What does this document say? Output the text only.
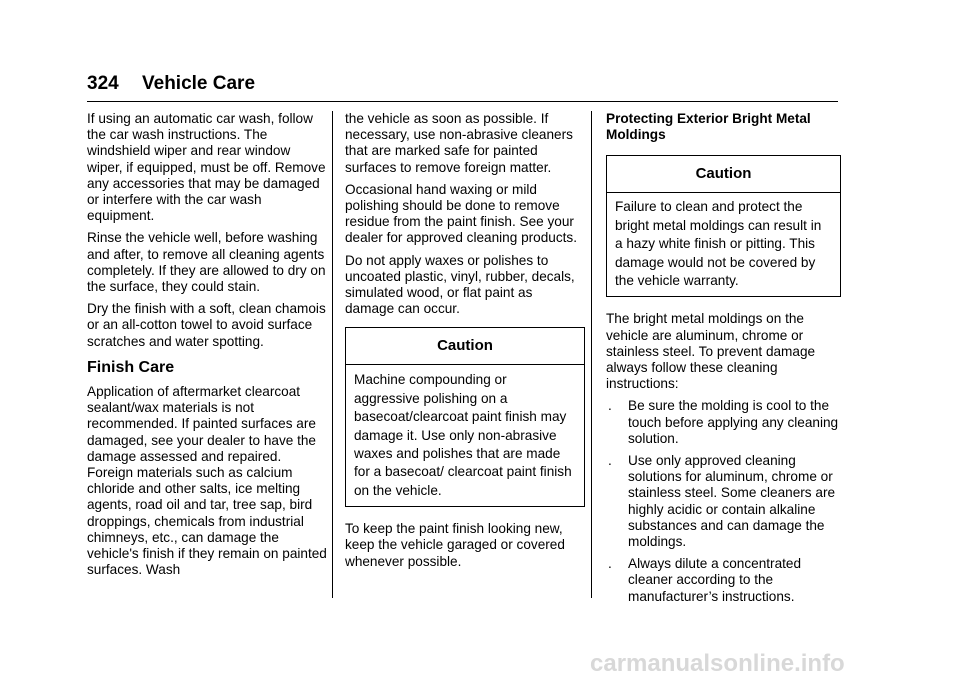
324 Vehicle Care

If using an automatic car wash, follow the car wash instructions. The windshield wiper and rear window wiper, if equipped, must be off. Remove any accessories that may be damaged or interfere with the car wash equipment.

Rinse the vehicle well, before washing and after, to remove all cleaning agents completely. If they are allowed to dry on the surface, they could stain.

Dry the finish with a soft, clean chamois or an all-cotton towel to avoid surface scratches and water spotting.

Finish Care

Application of aftermarket clearcoat sealant/wax materials is not recommended. If painted surfaces are damaged, see your dealer to have the damage assessed and repaired. Foreign materials such as calcium chloride and other salts, ice melting agents, road oil and tar, tree sap, bird droppings, chemicals from industrial chimneys, etc., can damage the vehicle's finish if they remain on painted surfaces. Wash

the vehicle as soon as possible. If necessary, use non-abrasive cleaners that are marked safe for painted surfaces to remove foreign matter.

Occasional hand waxing or mild polishing should be done to remove residue from the paint finish. See your dealer for approved cleaning products.

Do not apply waxes or polishes to uncoated plastic, vinyl, rubber, decals, simulated wood, or flat paint as damage can occur.

Caution
Machine compounding or aggressive polishing on a basecoat/clearcoat paint finish may damage it. Use only non-abrasive waxes and polishes that are made for a basecoat/ clearcoat paint finish on the vehicle.

To keep the paint finish looking new, keep the vehicle garaged or covered whenever possible.

Protecting Exterior Bright Metal Moldings
Caution
Failure to clean and protect the bright metal moldings can result in a hazy white finish or pitting. This damage would not be covered by the vehicle warranty.

The bright metal moldings on the vehicle are aluminum, chrome or stainless steel. To prevent damage always follow these cleaning instructions:

. Be sure the molding is cool to the touch before applying any cleaning solution.
. Use only approved cleaning solutions for aluminum, chrome or stainless steel. Some cleaners are highly acidic or contain alkaline substances and can damage the moldings.
. Always dilute a concentrated cleaner according to the manufacturer’s instructions.
carmanualsonline.info
